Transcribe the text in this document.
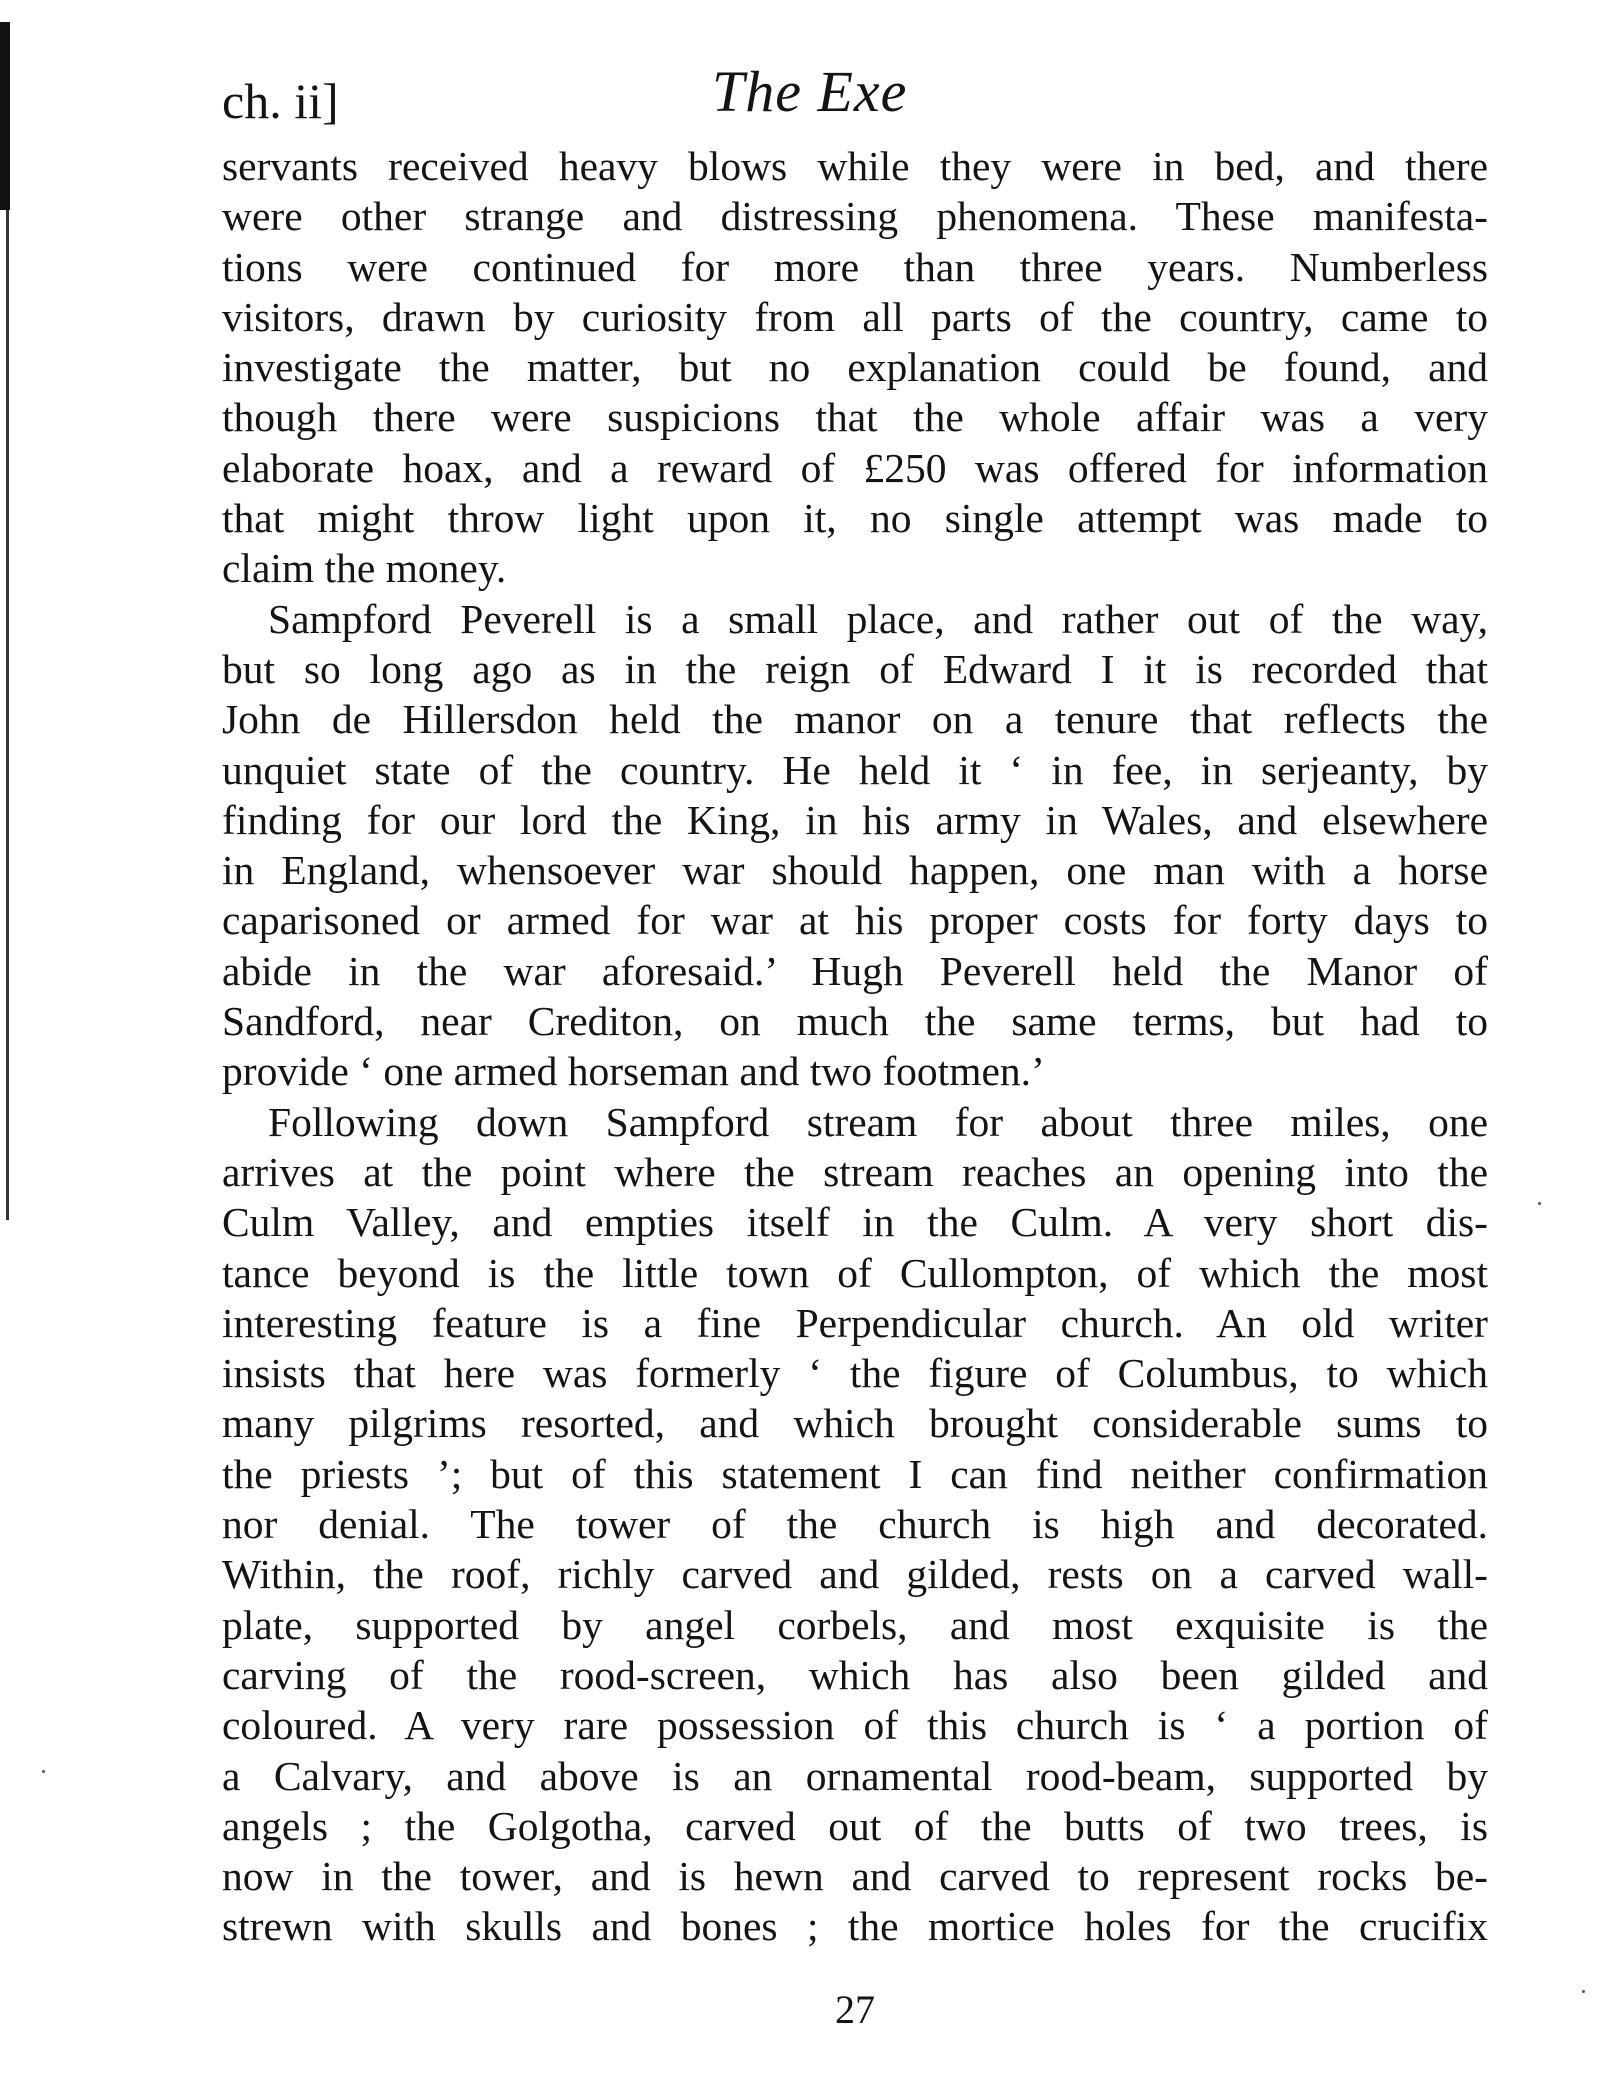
ch. ii]	The Exe
servants received heavy blows while they were in bed, and there
were other strange and distressing phenomena. These manifesta-
tions were continued for more than three years. Numberless
visitors, drawn by curiosity from all parts of the country, came to
investigate the matter, but no explanation could be found, and
though there were suspicions that the whole affair was a very
elaborate hoax, and a reward of £250 was offered for information
that might throw light upon it, no single attempt was made to
claim the money.
Sampford Peverell is a small place, and rather out of the way,
but so long ago as in the reign of Edward I it is recorded that
John de Hillersdon held the manor on a tenure that reflects the
unquiet state of the country. He held it ‘ in fee, in serjeanty, by
finding for our lord the King, in his army in Wales, and elsewhere
in England, whensoever war should happen, one man with a horse
caparisoned or armed for war at his proper costs for forty days to
abide in the war aforesaid.’ Hugh Peverell held the Manor of
Sandford, near Crediton, on much the same terms, but had to
provide ‘ one armed horseman and two footmen.’
Following down Sampford stream for about three miles, one
arrives at the point where the stream reaches an opening into the
Culm Valley, and empties itself in the Culm. A very short dis-
tance beyond is the little town of Cullompton, of which the most
interesting feature is a fine Perpendicular church. An old writer
insists that here was formerly ‘ the figure of Columbus, to which
many pilgrims resorted, and which brought considerable sums to
the priests ’; but of this statement I can find neither confirmation
nor denial. The tower of the church is high and decorated.
Within, the roof, richly carved and gilded, rests on a carved wall-
plate, supported by angel corbels, and most exquisite is the
carving of the rood-screen, which has also been gilded and
coloured. A very rare possession of this church is ‘ a portion of
a Calvary, and above is an ornamental rood-beam, supported by
angels ; the Golgotha, carved out of the butts of two trees, is
now in the tower, and is hewn and carved to represent rocks be-
strewn with skulls and bones ; the mortice holes for the crucifix
27
